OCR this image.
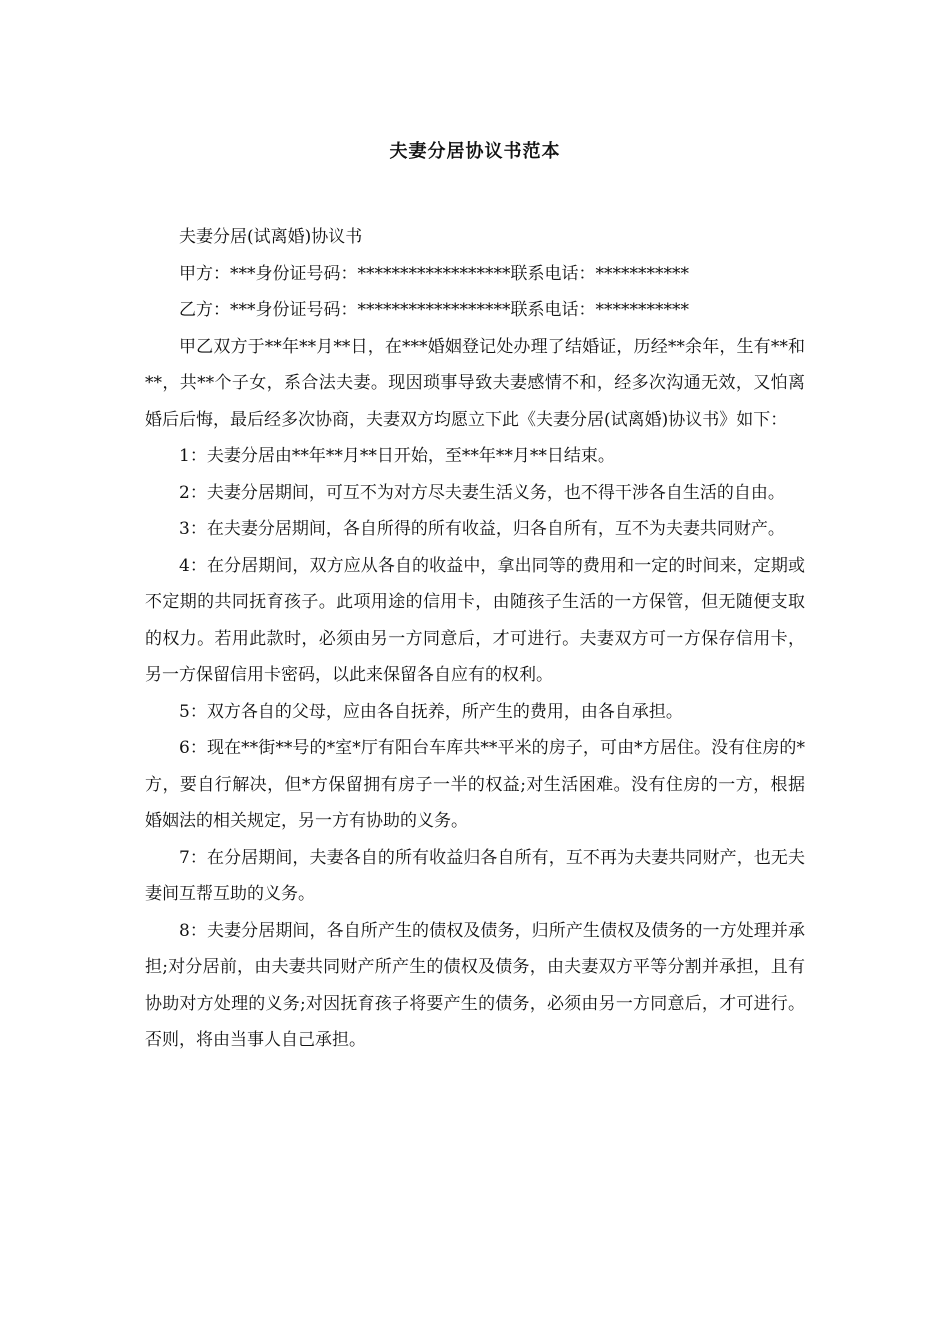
夫妻分居协议书范本

夫妻分居(试离婚)协议书

甲方：***身份证号码：******************联系电话：***********

乙方：***身份证号码：******************联系电话：***********

甲乙双方于**年**月**日，在***婚姻登记处办理了结婚证，历经**余年，生有**和**，共**个子女，系合法夫妻。现因琐事导致夫妻感情不和，经多次沟通无效，又怕离婚后后悔，最后经多次协商，夫妻双方均愿立下此《夫妻分居(试离婚)协议书》如下：

1：夫妻分居由**年**月**日开始，至**年**月**日结束。

2：夫妻分居期间，可互不为对方尽夫妻生活义务，也不得干涉各自生活的自由。

3：在夫妻分居期间，各自所得的所有收益，归各自所有，互不为夫妻共同财产。

4：在分居期间，双方应从各自的收益中，拿出同等的费用和一定的时间来，定期或不定期的共同抚育孩子。此项用途的信用卡，由随孩子生活的一方保管，但无随便支取的权力。若用此款时，必须由另一方同意后，才可进行。夫妻双方可一方保存信用卡，另一方保留信用卡密码，以此来保留各自应有的权利。

5：双方各自的父母，应由各自抚养，所产生的费用，由各自承担。

6：现在**街**号的*室*厅有阳台车库共**平米的房子，可由*方居住。没有住房的*方，要自行解决，但*方保留拥有房子一半的权益;对生活困难。没有住房的一方，根据婚姻法的相关规定，另一方有协助的义务。

7：在分居期间，夫妻各自的所有收益归各自所有，互不再为夫妻共同财产，也无夫妻间互帮互助的义务。

8：夫妻分居期间，各自所产生的债权及债务，归所产生债权及债务的一方处理并承担;对分居前，由夫妻共同财产所产生的债权及债务，由夫妻双方平等分割并承担，且有协助对方处理的义务;对因抚育孩子将要产生的债务，必须由另一方同意后，才可进行。否则，将由当事人自己承担。
